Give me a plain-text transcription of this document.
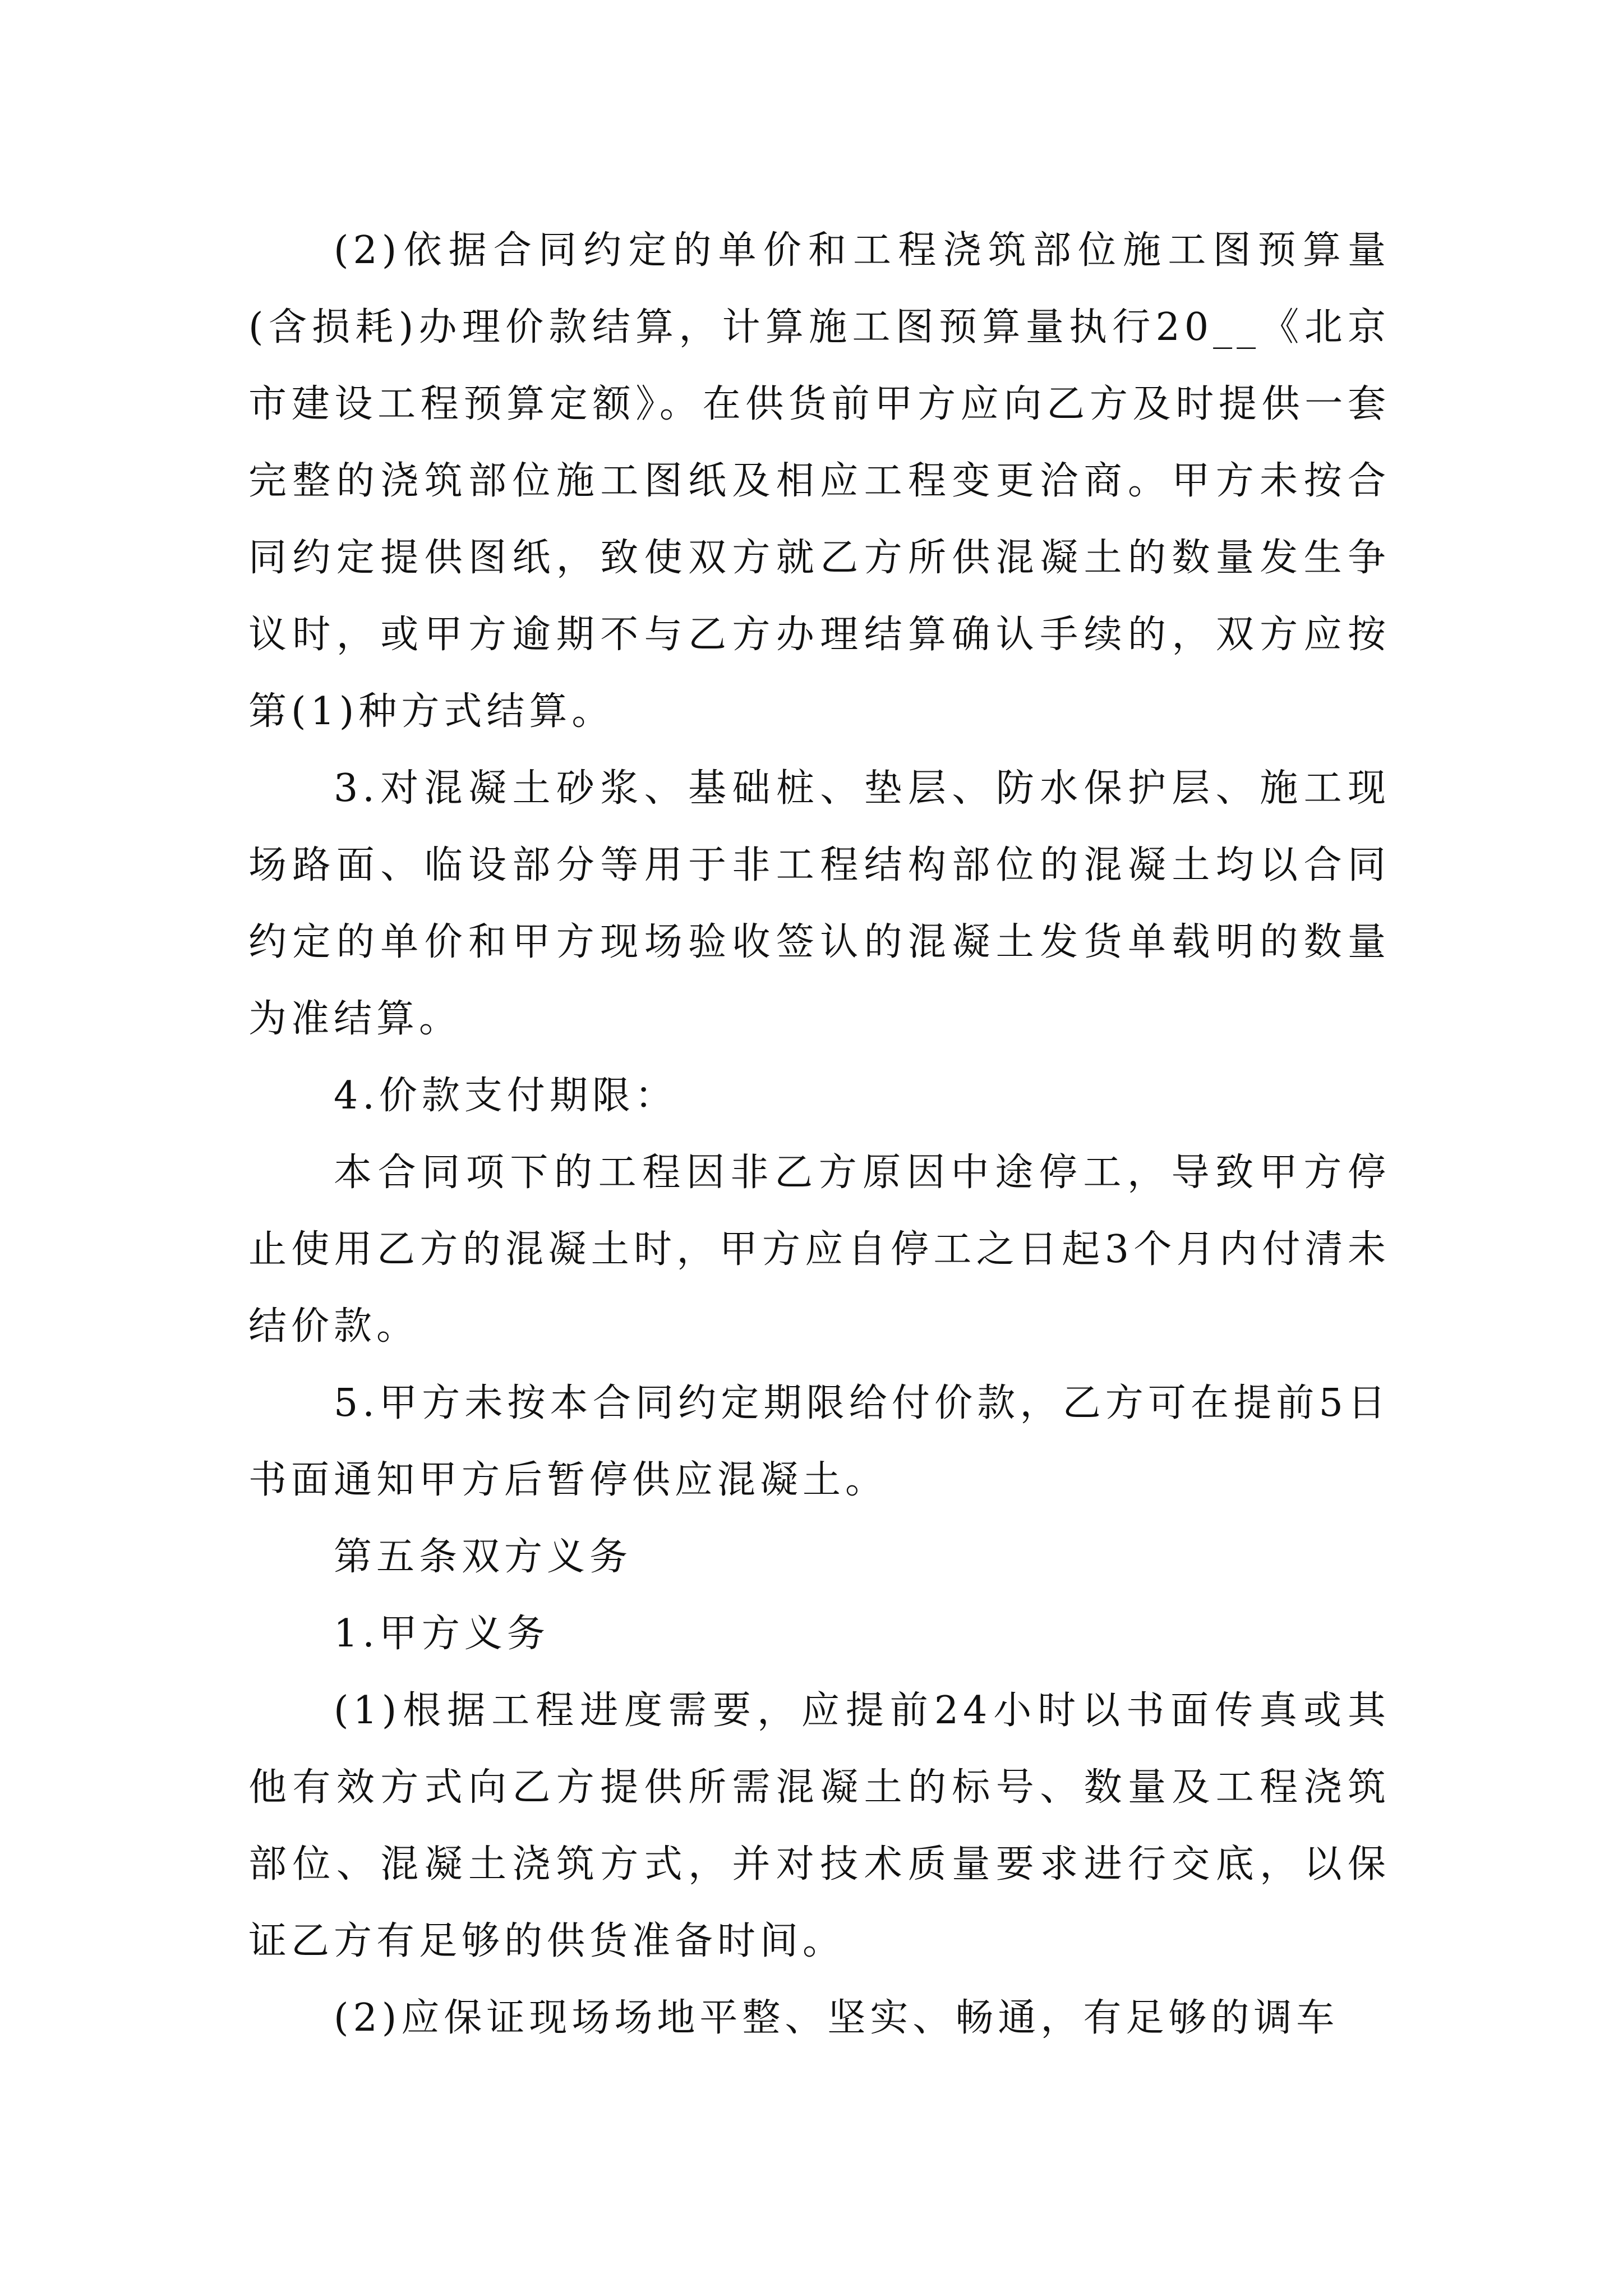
(2)依据合同约定的单价和工程浇筑部位施工图预算量(含损耗)办理价款结算，计算施工图预算量执行20__《北京市建设工程预算定额》。在供货前甲方应向乙方及时提供一套完整的浇筑部位施工图纸及相应工程变更洽商。甲方未按合同约定提供图纸，致使双方就乙方所供混凝土的数量发生争议时，或甲方逾期不与乙方办理结算确认手续的，双方应按第(1)种方式结算。

3.对混凝土砂浆、基础桩、垫层、防水保护层、施工现场路面、临设部分等用于非工程结构部位的混凝土均以合同约定的单价和甲方现场验收签认的混凝土发货单载明的数量为准结算。

4.价款支付期限：

本合同项下的工程因非乙方原因中途停工，导致甲方停止使用乙方的混凝土时，甲方应自停工之日起3个月内付清未结价款。

5.甲方未按本合同约定期限给付价款，乙方可在提前5日书面通知甲方后暂停供应混凝土。

第五条双方义务

1.甲方义务

(1)根据工程进度需要，应提前24小时以书面传真或其他有效方式向乙方提供所需混凝土的标号、数量及工程浇筑部位、混凝土浇筑方式，并对技术质量要求进行交底，以保证乙方有足够的供货准备时间。

(2)应保证现场场地平整、坚实、畅通，有足够的调车
